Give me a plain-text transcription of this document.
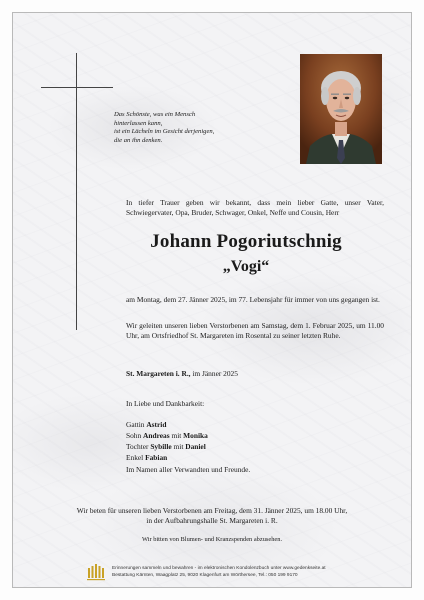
Das Schönste, was ein Mensch
hinterlassen kann,
ist ein Lächeln im Gesicht derjenigen,
die an ihn denken.
In tiefer Trauer geben wir bekannt, dass mein lieber Gatte, unser Vater, Schwiegervater, Opa, Bruder, Schwager, Onkel, Neffe und Cousin, Herr
Johann Pogoriutschnig
„Vogi“
am Montag, dem 27. Jänner 2025, im 77. Lebensjahr für immer von uns gegangen ist.
Wir geleiten unseren lieben Verstorbenen am Samstag, dem 1. Februar 2025, um 11.00 Uhr, am Ortsfriedhof St. Margareten im Rosental zu seiner letzten Ruhe.
St. Margareten i. R., im Jänner 2025
In Liebe und Dankbarkeit:
Gattin Astrid
Sohn Andreas mit Monika
Tochter Sybille mit Daniel
Enkel Fabian
Im Namen aller Verwandten und Freunde.
Wir beten für unseren lieben Verstorbenen am Freitag, dem 31. Jänner 2025, um 18.00 Uhr,
in der Aufbahrungshalle St. Margareten i. R.
Wir bitten von Blumen- und Kranzspenden abzusehen.
Erinnerungen sammeln und bewahren - im elektronischen Kondolenzbuch unter www.gedenkseite.at
Bestattung Kärnten, Waagplatz 25, 9020 Klagenfurt am Wörthersee, Tel.: 050 199 9170
